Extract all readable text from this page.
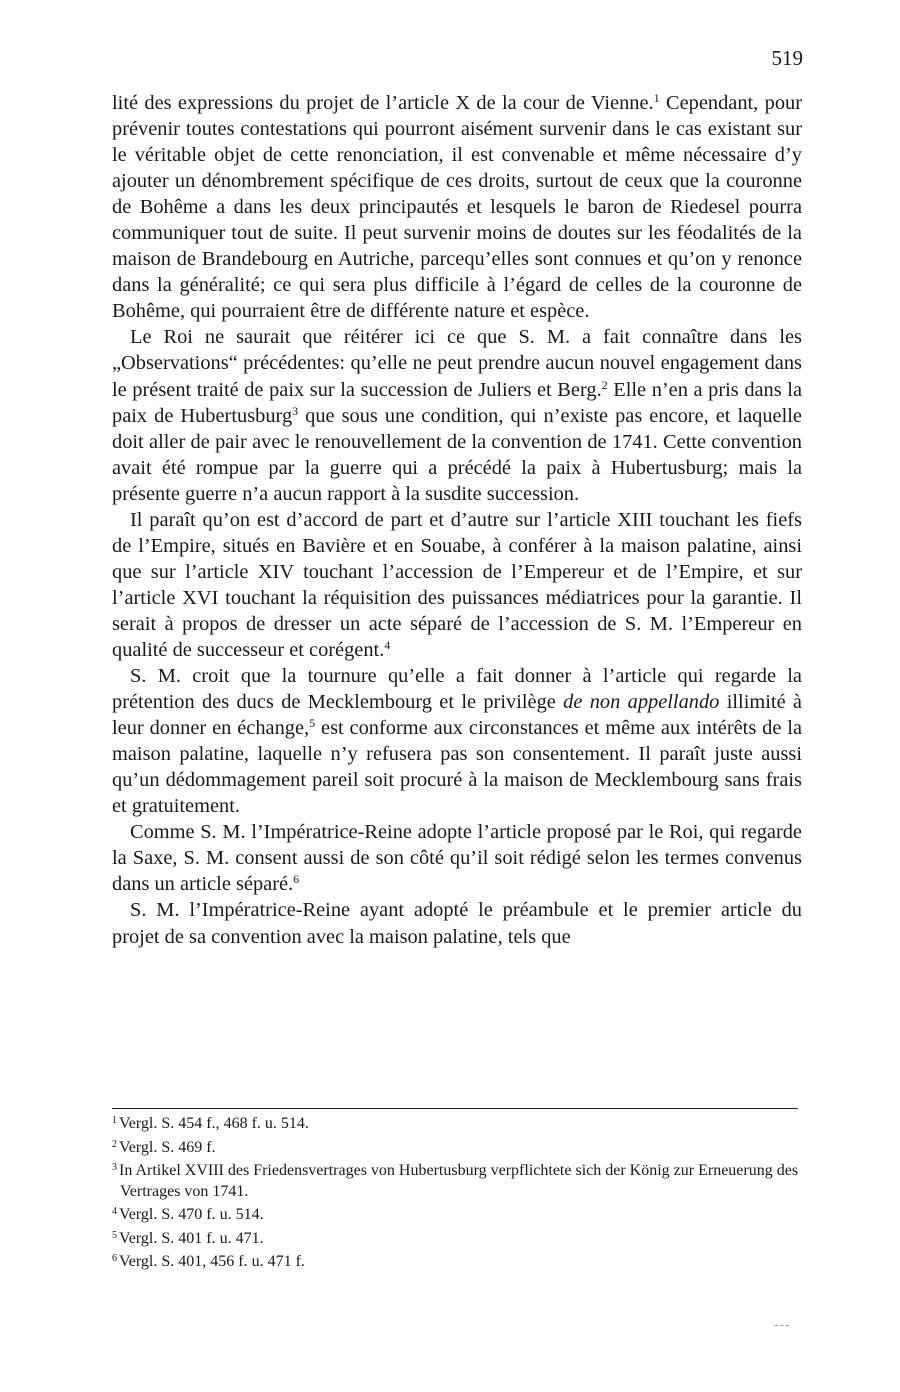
519

lité des expressions du projet de l’article X de la cour de Vienne.$^1$ Cependant, pour prévenir toutes contestations qui pourront aisément survenir dans le cas existant sur le véritable objet de cette renonciation, il est convenable et même nécessaire d’y ajouter un dénombrement spécifique de ces droits, surtout de ceux que la couronne de Bohême a dans les deux principautés et lesquels le baron de Riedesel pourra communiquer tout de suite. Il peut survenir moins de doutes sur les féodalités de la maison de Brandebourg en Autriche, parcequ’elles sont connues et qu’on y renonce dans la généralité; ce qui sera plus difficile à l’égard de celles de la couronne de Bohême, qui pourraient être de différente nature et espèce.

Le Roi ne saurait que réitérer ici ce que S. M. a fait connaître dans les „Observations“ précédentes: qu’elle ne peut prendre aucun nouvel engagement dans le présent traité de paix sur la succession de Juliers et Berg.$^2$ Elle n’en a pris dans la paix de Hubertusburg$^3$ que sous une condition, qui n’existe pas encore, et laquelle doit aller de pair avec le renouvellement de la convention de 1741. Cette convention avait été rompue par la guerre qui a précédé la paix à Hubertusburg; mais la présente guerre n’a aucun rapport à la susdite succession.

Il paraît qu’on est d’accord de part et d’autre sur l’article XIII touchant les fiefs de l’Empire, situés en Bavière et en Souabe, à conférer à la maison palatine, ainsi que sur l’article XIV touchant l’accession de l’Empereur et de l’Empire, et sur l’article XVI touchant la réquisition des puissances médiatrices pour la garantie. Il serait à propos de dresser un acte séparé de l’accession de S. M. l’Empereur en qualité de successeur et corégent.$^4$

S. M. croit que la tournure qu’elle a fait donner à l’article qui regarde la prétention des ducs de Mecklembourg et le privilège de non appellando illimité à leur donner en échange,$^5$ est conforme aux circonstances et même aux intérêts de la maison palatine, laquelle n’y refusera pas son consentement. Il paraît juste aussi qu’un dédommagement pareil soit procuré à la maison de Mecklembourg sans frais et gratuitement.

Comme S. M. l’Impératrice-Reine adopte l’article proposé par le Roi, qui regarde la Saxe, S. M. consent aussi de son côté qu’il soit rédigé selon les termes convenus dans un article séparé.$^6$

S. M. l’Impératrice-Reine ayant adopté le préambule et le premier article du projet de sa convention avec la maison palatine, tels que

$^1$ Vergl. S. 454 f., 468 f. u. 514.
$^2$ Vergl. S. 469 f.
$^3$ In Artikel XVIII des Friedensvertrages von Hubertusburg verpflichtete sich der König zur Erneuerung des Vertrages von 1741.
$^4$ Vergl. S. 470 f. u. 514.
$^5$ Vergl. S. 401 f. u. 471.
$^6$ Vergl. S. 401, 456 f. u. 471 f.
